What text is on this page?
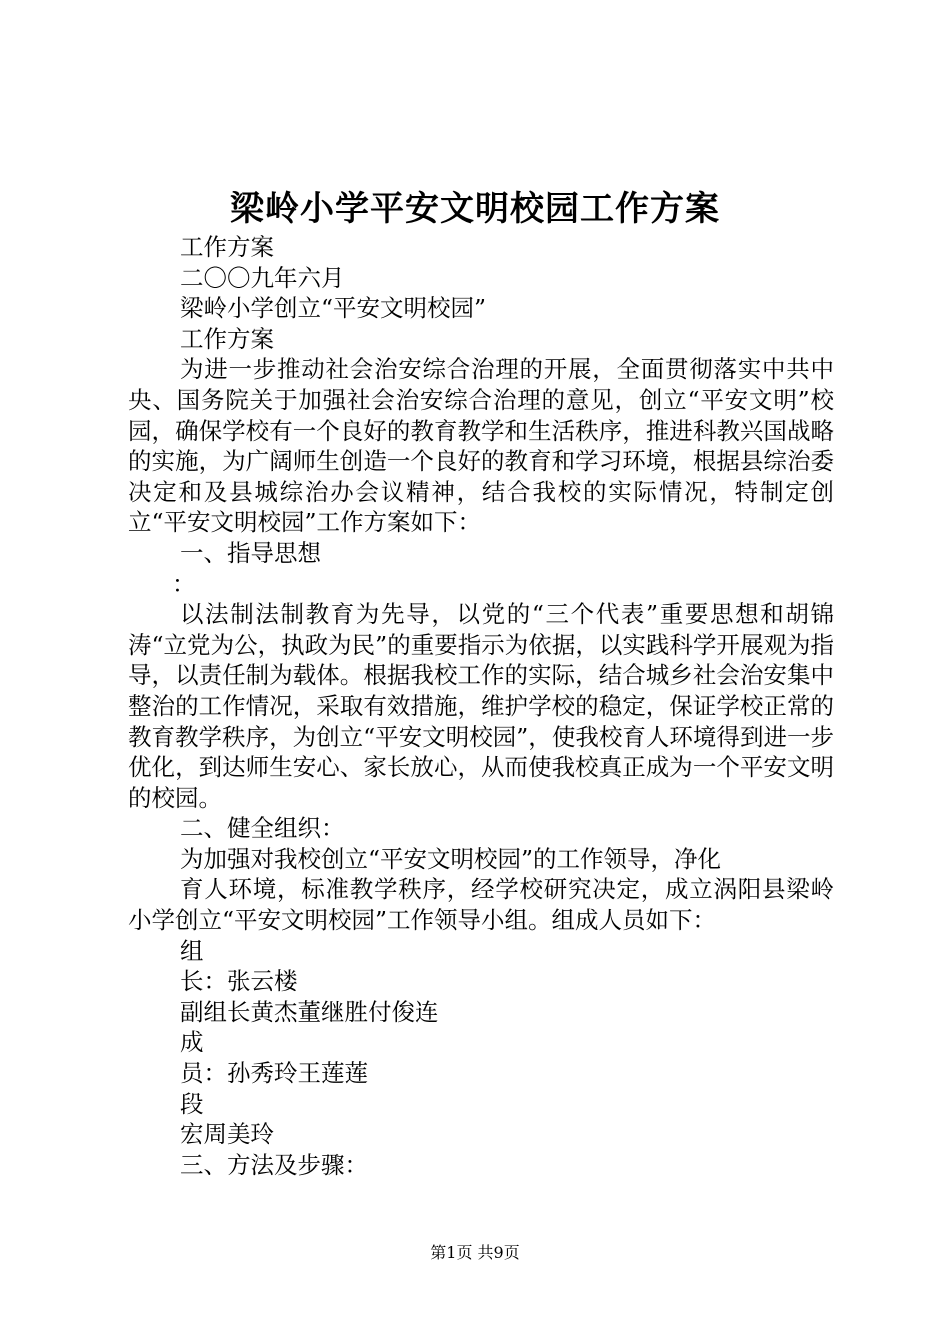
梁岭小学平安文明校园工作方案
工作方案
二〇〇九年六月
梁岭小学创立“平安文明校园”
工作方案

为进一步推动社会治安综合治理的开展，全面贯彻落实中共中央、国务院关于加强社会治安综合治理的意见，创立“平安文明”校园，确保学校有一个良好的教育教学和生活秩序，推进科教兴国战略的实施，为广阔师生创造一个良好的教育和学习环境，根据县综治委决定和及县城综治办会议精神，结合我校的实际情况，特制定创立“平安文明校园”工作方案如下：

一、指导思想
：

以法制法制教育为先导，以党的“三个代表”重要思想和胡锦涛“立党为公，执政为民”的重要指示为依据，以实践科学开展观为指导，以责任制为载体。根据我校工作的实际，结合城乡社会治安集中整治的工作情况，采取有效措施，维护学校的稳定，保证学校正常的教育教学秩序，为创立“平安文明校园”，使我校育人环境得到进一步优化，到达师生安心、家长放心，从而使我校真正成为一个平安文明的校园。

二、健全组织：
为加强对我校创立“平安文明校园”的工作领导，净化

育人环境，标准教学秩序，经学校研究决定，成立涡阳县梁岭小学创立“平安文明校园”工作领导小组。组成人员如下：

组
长：张云楼
副组长黄杰董继胜付俊连
成
员：孙秀玲王莲莲
段
宏周美玲
三、方法及步骤：
第1页 共9页
